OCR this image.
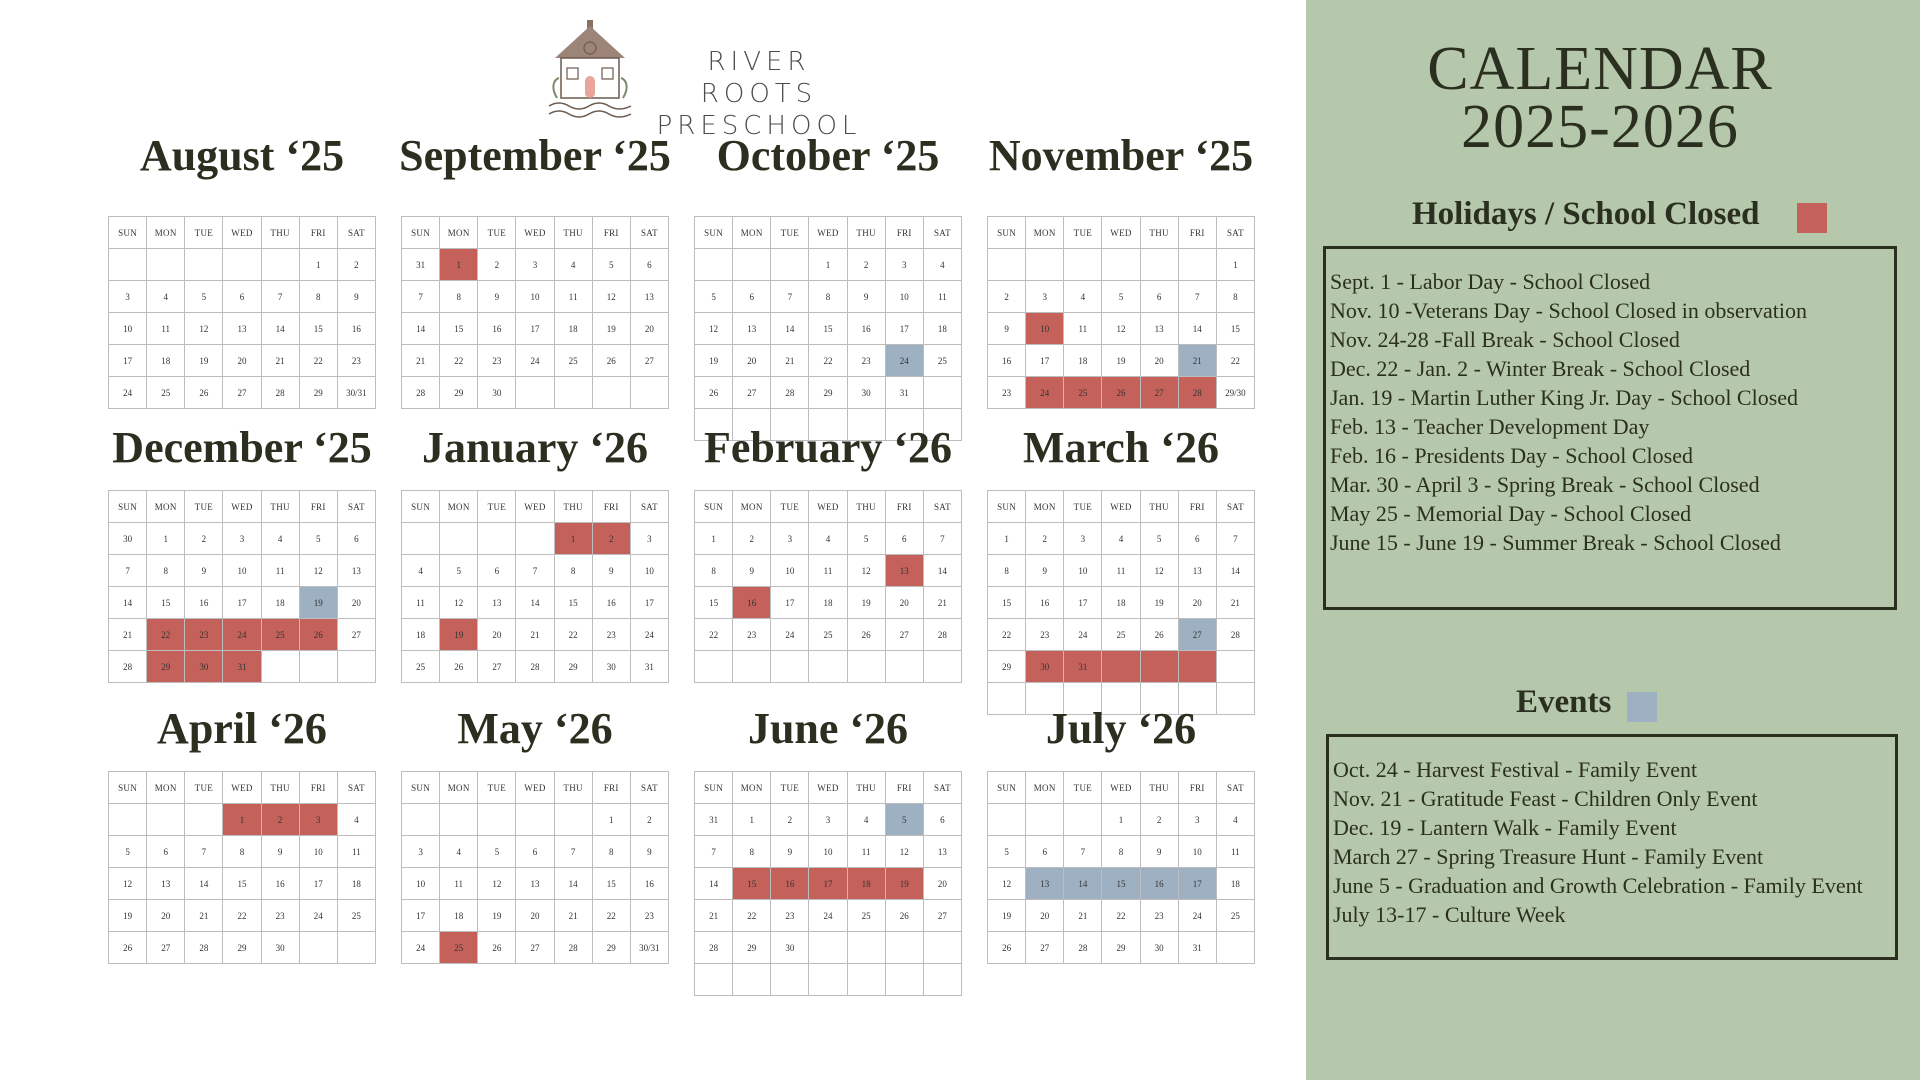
RIVER ROOTS
PRESCHOOL
August ‘25
SUN	MON	TUE	WED	THU	FRI	SAT
					1	2
3	4	5	6	7	8	9
10	11	12	13	14	15	16
17	18	19	20	21	22	23
24	25	26	27	28	29	30/31
September ‘25
SUN	MON	TUE	WED	THU	FRI	SAT
31	1	2	3	4	5	6
7	8	9	10	11	12	13
14	15	16	17	18	19	20
21	22	23	24	25	26	27
28	29	30				
October ‘25
SUN	MON	TUE	WED	THU	FRI	SAT
			1	2	3	4
5	6	7	8	9	10	11
12	13	14	15	16	17	18
19	20	21	22	23	24	25
26	27	28	29	30	31	

November ‘25
SUN	MON	TUE	WED	THU	FRI	SAT
						1
2	3	4	5	6	7	8
9	10	11	12	13	14	15
16	17	18	19	20	21	22
23	24	25	26	27	28	29/30
December ‘25
SUN	MON	TUE	WED	THU	FRI	SAT
30	1	2	3	4	5	6
7	8	9	10	11	12	13
14	15	16	17	18	19	20
21	22	23	24	25	26	27
28	29	30	31			
January ‘26
SUN	MON	TUE	WED	THU	FRI	SAT
				1	2	3
4	5	6	7	8	9	10
11	12	13	14	15	16	17
18	19	20	21	22	23	24
25	26	27	28	29	30	31
February ‘26
SUN	MON	TUE	WED	THU	FRI	SAT
1	2	3	4	5	6	7
8	9	10	11	12	13	14
15	16	17	18	19	20	21
22	23	24	25	26	27	28

March ‘26
SUN	MON	TUE	WED	THU	FRI	SAT
1	2	3	4	5	6	7
8	9	10	11	12	13	14
15	16	17	18	19	20	21
22	23	24	25	26	27	28
29	30	31				

April ‘26
SUN	MON	TUE	WED	THU	FRI	SAT
			1	2	3	4
5	6	7	8	9	10	11
12	13	14	15	16	17	18
19	20	21	22	23	24	25
26	27	28	29	30		
May ‘26
SUN	MON	TUE	WED	THU	FRI	SAT
					1	2
3	4	5	6	7	8	9
10	11	12	13	14	15	16
17	18	19	20	21	22	23
24	25	26	27	28	29	30/31
June ‘26
SUN	MON	TUE	WED	THU	FRI	SAT
31	1	2	3	4	5	6
7	8	9	10	11	12	13
14	15	16	17	18	19	20
21	22	23	24	25	26	27
28	29	30				

July ‘26
SUN	MON	TUE	WED	THU	FRI	SAT
			1	2	3	4
5	6	7	8	9	10	11
12	13	14	15	16	17	18
19	20	21	22	23	24	25
26	27	28	29	30	31	
CALENDAR
2025-2026
Holidays / School Closed
Sept. 1 - Labor Day - School Closed
Nov. 10 -Veterans Day - School Closed in observation
Nov. 24-28 -Fall Break - School Closed
Dec. 22 - Jan. 2 - Winter Break - School Closed
Jan. 19 - Martin Luther King Jr. Day - School Closed
Feb. 13 - Teacher Development Day
Feb. 16 - Presidents Day - School Closed
Mar. 30 - April 3 - Spring Break - School Closed
May 25 - Memorial Day - School Closed
June 15 - June 19 - Summer Break - School Closed
Events
Oct. 24 - Harvest Festival - Family Event
Nov. 21 - Gratitude Feast - Children Only Event
Dec. 19 - Lantern Walk - Family Event
March 27 - Spring Treasure Hunt - Family Event
June 5 - Graduation and Growth Celebration - Family Event
July 13-17 - Culture Week
